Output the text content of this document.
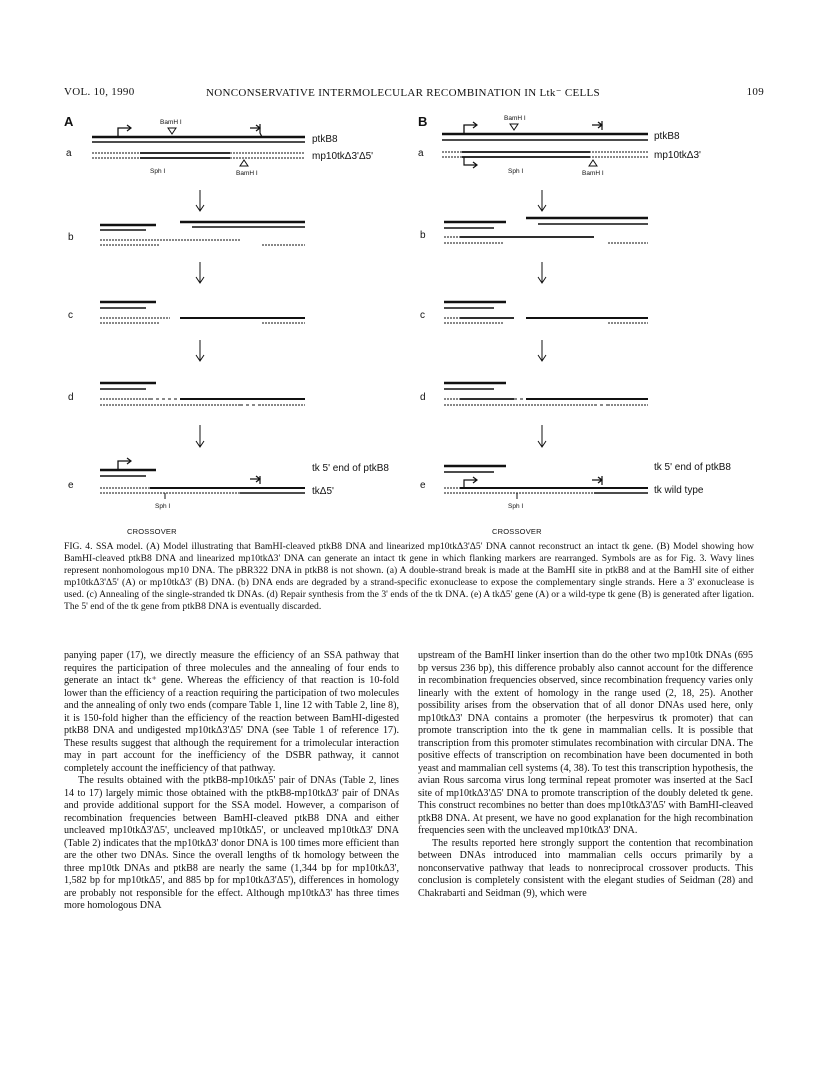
VOL. 10, 1990	NONCONSERVATIVE INTERMOLECULAR RECOMBINATION IN Ltk⁻ CELLS	109
A
a
BamH I
ptkB8
mp10tkΔ3'Δ5'
Sph I	BamH I
b
c
d
e
tk 5' end of ptkB8
tkΔ5'
Sph I
CROSSOVER
B
a
BamH I
ptkB8
mp10tkΔ3'
Sph I	BamH I
b
c
d
e
tk 5' end of ptkB8
tk wild type
Sph I
CROSSOVER
FIG. 4. SSA model. (A) Model illustrating that BamHI-cleaved ptkB8 DNA and linearized mp10tkΔ3'Δ5' DNA cannot reconstruct an intact tk gene. (B) Model showing how BamHI-cleaved ptkB8 DNA and linearized mp10tkΔ3' DNA can generate an intact tk gene in which flanking markers are rearranged. Symbols are as for Fig. 3. Wavy lines represent nonhomologous mp10 DNA. The pBR322 DNA in ptkB8 is not shown. (a) A double-strand break is made at the BamHI site in ptkB8 and at the BamHI site of either mp10tkΔ3'Δ5' (A) or mp10tkΔ3' (B) DNA. (b) DNA ends are degraded by a strand-specific exonuclease to expose the complementary single strands. Here a 3' exonuclease is used. (c) Annealing of the single-stranded tk DNAs. (d) Repair synthesis from the 3' ends of the tk DNA. (e) A tkΔ5' gene (A) or a wild-type tk gene (B) is generated after ligation. The 5' end of the tk gene from ptkB8 DNA is eventually discarded.

panying paper (17), we directly measure the efficiency of an SSA pathway that requires the participation of three molecules and the annealing of four ends to generate an intact tk⁺ gene. Whereas the efficiency of that reaction is 10-fold lower than the efficiency of a reaction requiring the participation of two molecules and the annealing of only two ends (compare Table 1, line 12 with Table 2, line 8), it is 150-fold higher than the efficiency of the reaction between BamHI-digested ptkB8 DNA and undigested mp10tkΔ3'Δ5' DNA (see Table 1 of reference 17). These results suggest that although the requirement for a trimolecular interaction may in part account for the inefficiency of the DSBR pathway, it cannot completely account the inefficiency of that pathway.

The results obtained with the ptkB8-mp10tkΔ5' pair of DNAs (Table 2, lines 14 to 17) largely mimic those obtained with the ptkB8-mp10tkΔ3' pair of DNAs and provide additional support for the SSA model. However, a comparison of recombination frequencies between BamHI-cleaved ptkB8 DNA and either uncleaved mp10tkΔ3'Δ5', uncleaved mp10tkΔ5', or uncleaved mp10tkΔ3' DNA (Table 2) indicates that the mp10tkΔ3' donor DNA is 100 times more efficient than are the other two DNAs. Since the overall lengths of tk homology between the three mp10tk DNAs and ptkB8 are nearly the same (1,344 bp for mp10tkΔ3', 1,582 bp for mp10tkΔ5', and 885 bp for mp10tkΔ3'Δ5'), differences in homology are probably not responsible for the effect. Although mp10tkΔ3' has three times more homologous DNA

upstream of the BamHI linker insertion than do the other two mp10tk DNAs (695 bp versus 236 bp), this difference probably also cannot account for the difference in recombination frequencies observed, since recombination frequency varies only linearly with the extent of homology in the range used (2, 18, 25). Another possibility arises from the observation that of all donor DNAs used here, only mp10tkΔ3' DNA contains a promoter (the herpesvirus tk promoter) that can promote transcription into the tk gene in mammalian cells. It is possible that transcription from this promoter stimulates recombination with circular DNA. The positive effects of transcription on recombination have been documented in both yeast and mammalian cell systems (4, 38). To test this transcription hypothesis, the avian Rous sarcoma virus long terminal repeat promoter was inserted at the SacI site of mp10tkΔ3'Δ5' DNA to promote transcription of the doubly deleted tk gene. This construct recombines no better than does mp10tkΔ3'Δ5' with BamHI-cleaved ptkB8 DNA. At present, we have no good explanation for the high recombination frequencies seen with the uncleaved mp10tkΔ3' DNA.

The results reported here strongly support the contention that recombination between DNAs introduced into mammalian cells occurs primarily by a nonconservative pathway that leads to nonreciprocal crossover products. This conclusion is completely consistent with the elegant studies of Seidman (28) and Chakrabarti and Seidman (9), which were
